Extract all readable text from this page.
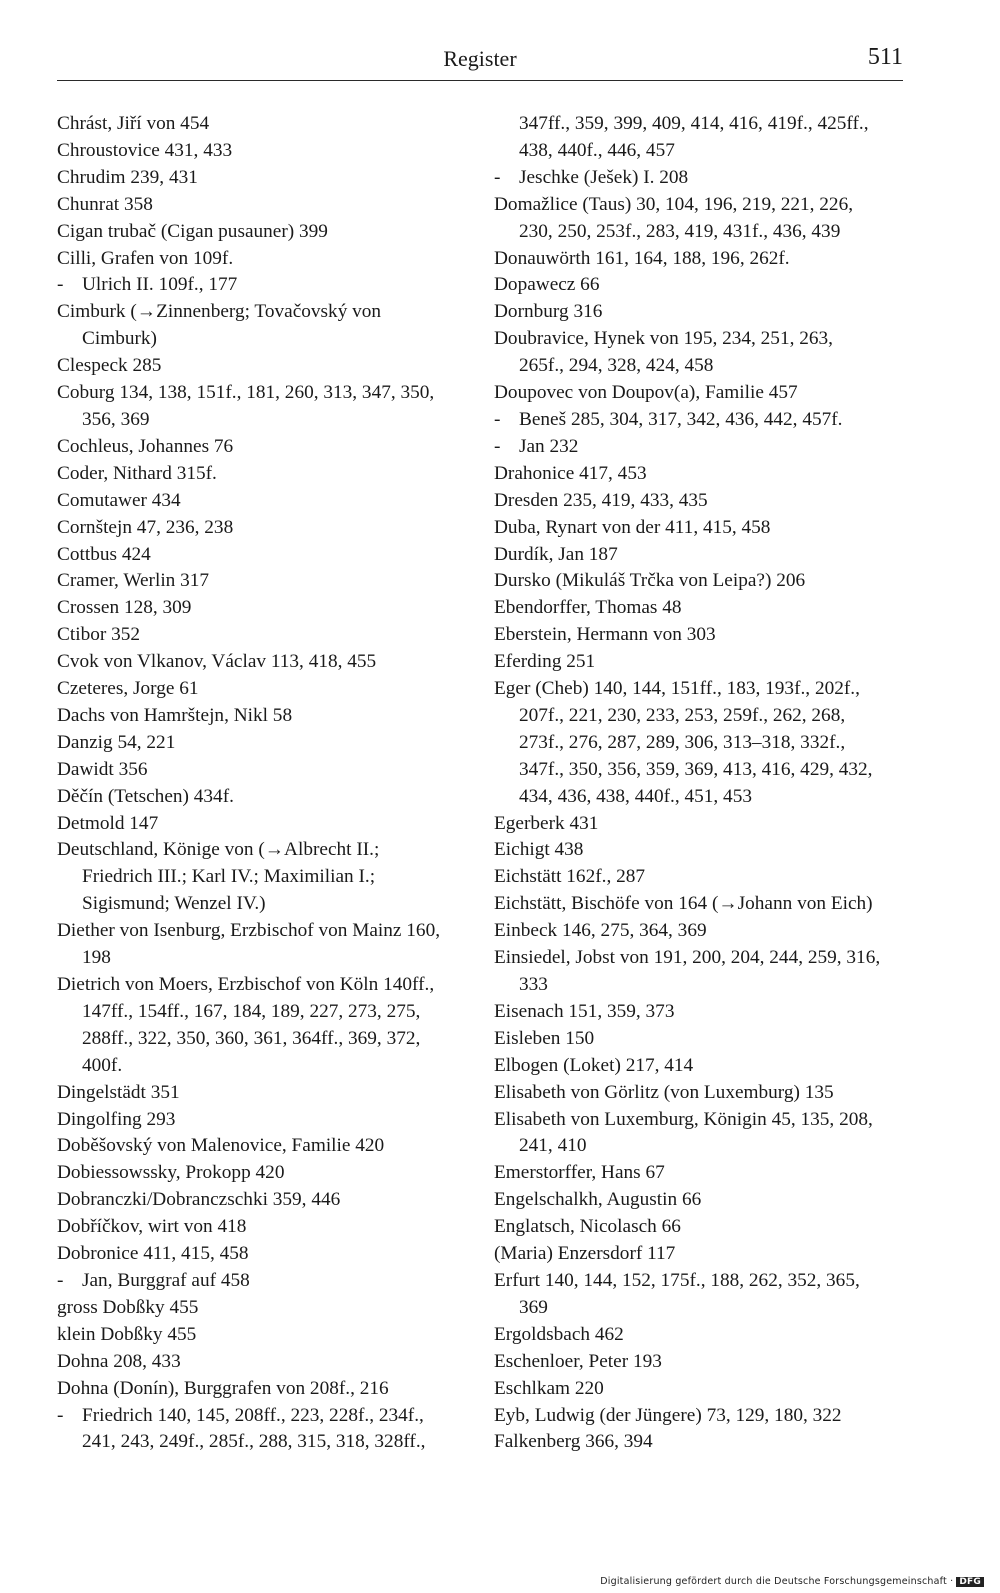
Register	511
Chrást, Jiří von 454
Chroustovice 431, 433
Chrudim 239, 431
Chunrat 358
Cigan trubač (Cigan pusauner) 399
Cilli, Grafen von 109f.
- Ulrich II. 109f., 177
Cimburk (→Zinnenberg; Tovačovský von
Cimburk)
Clespeck 285
Coburg 134, 138, 151f., 181, 260, 313, 347, 350,
356, 369
Cochleus, Johannes 76
Coder, Nithard 315f.
Comutawer 434
Cornštejn 47, 236, 238
Cottbus 424
Cramer, Werlin 317
Crossen 128, 309
Ctibor 352
Cvok von Vlkanov, Václav 113, 418, 455
Czeteres, Jorge 61
Dachs von Hamrštejn, Nikl 58
Danzig 54, 221
Dawidt 356
Děčín (Tetschen) 434f.
Detmold 147
Deutschland, Könige von (→Albrecht II.;
Friedrich III.; Karl IV.; Maximilian I.;
Sigismund; Wenzel IV.)
Diether von Isenburg, Erzbischof von Mainz 160,
198
Dietrich von Moers, Erzbischof von Köln 140ff.,
147ff., 154ff., 167, 184, 189, 227, 273, 275,
288ff., 322, 350, 360, 361, 364ff., 369, 372,
400f.
Dingelstädt 351
Dingolfing 293
Doběšovský von Malenovice, Familie 420
Dobiessowssky, Prokopp 420
Dobranczki/Dobranczschki 359, 446
Dobříčkov, wirt von 418
Dobronice 411, 415, 458
- Jan, Burggraf auf 458
gross Dobßky 455
klein Dobßky 455
Dohna 208, 433
Dohna (Donín), Burggrafen von 208f., 216
- Friedrich 140, 145, 208ff., 223, 228f., 234f.,
241, 243, 249f., 285f., 288, 315, 318, 328ff.,
347ff., 359, 399, 409, 414, 416, 419f., 425ff.,
438, 440f., 446, 457
- Jeschke (Ješek) I. 208
Domažlice (Taus) 30, 104, 196, 219, 221, 226,
230, 250, 253f., 283, 419, 431f., 436, 439
Donauwörth 161, 164, 188, 196, 262f.
Dopawecz 66
Dornburg 316
Doubravice, Hynek von 195, 234, 251, 263,
265f., 294, 328, 424, 458
Doupovec von Doupov(a), Familie 457
- Beneš 285, 304, 317, 342, 436, 442, 457f.
- Jan 232
Drahonice 417, 453
Dresden 235, 419, 433, 435
Duba, Rynart von der 411, 415, 458
Durdík, Jan 187
Dursko (Mikuláš Trčka von Leipa?) 206
Ebendorffer, Thomas 48
Eberstein, Hermann von 303
Eferding 251
Eger (Cheb) 140, 144, 151ff., 183, 193f., 202f.,
207f., 221, 230, 233, 253, 259f., 262, 268,
273f., 276, 287, 289, 306, 313–318, 332f.,
347f., 350, 356, 359, 369, 413, 416, 429, 432,
434, 436, 438, 440f., 451, 453
Egerberk 431
Eichigt 438
Eichstätt 162f., 287
Eichstätt, Bischöfe von 164 (→Johann von Eich)
Einbeck 146, 275, 364, 369
Einsiedel, Jobst von 191, 200, 204, 244, 259, 316,
333
Eisenach 151, 359, 373
Eisleben 150
Elbogen (Loket) 217, 414
Elisabeth von Görlitz (von Luxemburg) 135
Elisabeth von Luxemburg, Königin 45, 135, 208,
241, 410
Emerstorffer, Hans 67
Engelschalkh, Augustin 66
Englatsch, Nicolasch 66
(Maria) Enzersdorf 117
Erfurt 140, 144, 152, 175f., 188, 262, 352, 365,
369
Ergoldsbach 462
Eschenloer, Peter 193
Eschlkam 220
Eyb, Ludwig (der Jüngere) 73, 129, 180, 322
Falkenberg 366, 394
Digitalisierung gefördert durch die Deutsche Forschungsgemeinschaft · DFG
